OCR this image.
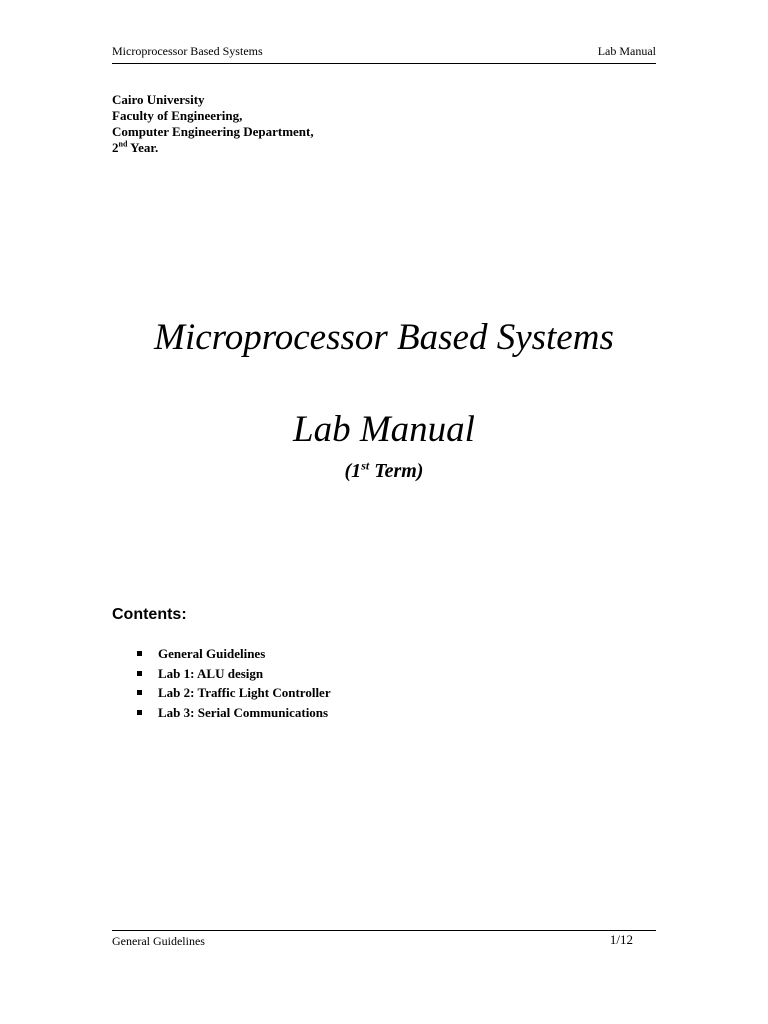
Microprocessor Based Systems	Lab Manual
Cairo University
Faculty of Engineering,
Computer Engineering Department,
2nd Year.
Microprocessor Based Systems
Lab Manual
(1st Term)
Contents:
General Guidelines
Lab 1: ALU design
Lab 2: Traffic Light Controller
Lab 3: Serial Communications
General Guidelines	1/12
